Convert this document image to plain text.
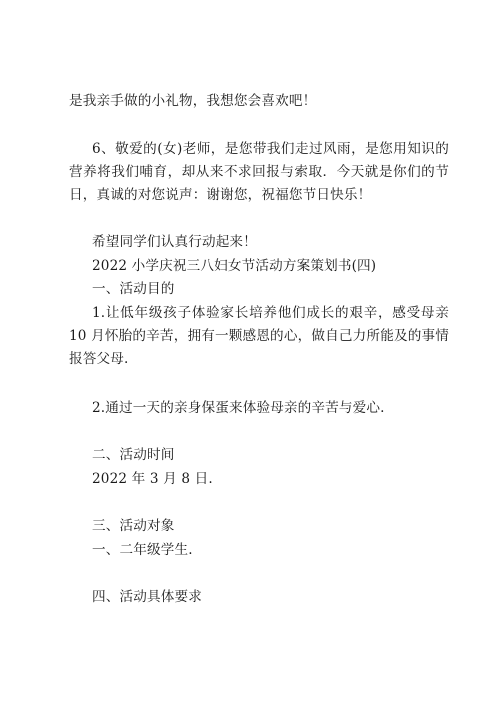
是我亲手做的小礼物，我想您会喜欢吧！
6、敬爱的(女)老师，是您带我们走过风雨，是您用知识的
营养将我们哺育，却从来不求回报与索取．今天就是你们的节
日，真诚的对您说声：谢谢您，祝福您节日快乐！
希望同学们认真行动起来！
2022 小学庆祝三八妇女节活动方案策划书(四)
一、活动目的
1.让低年级孩子体验家长培养他们成长的艰辛，感受母亲
10 月怀胎的辛苦，拥有一颗感恩的心，做自己力所能及的事情
报答父母.
2.通过一天的亲身保蛋来体验母亲的辛苦与爱心.
二、活动时间
2022 年 3 月 8 日.
三、活动对象
一、二年级学生.
四、活动具体要求
